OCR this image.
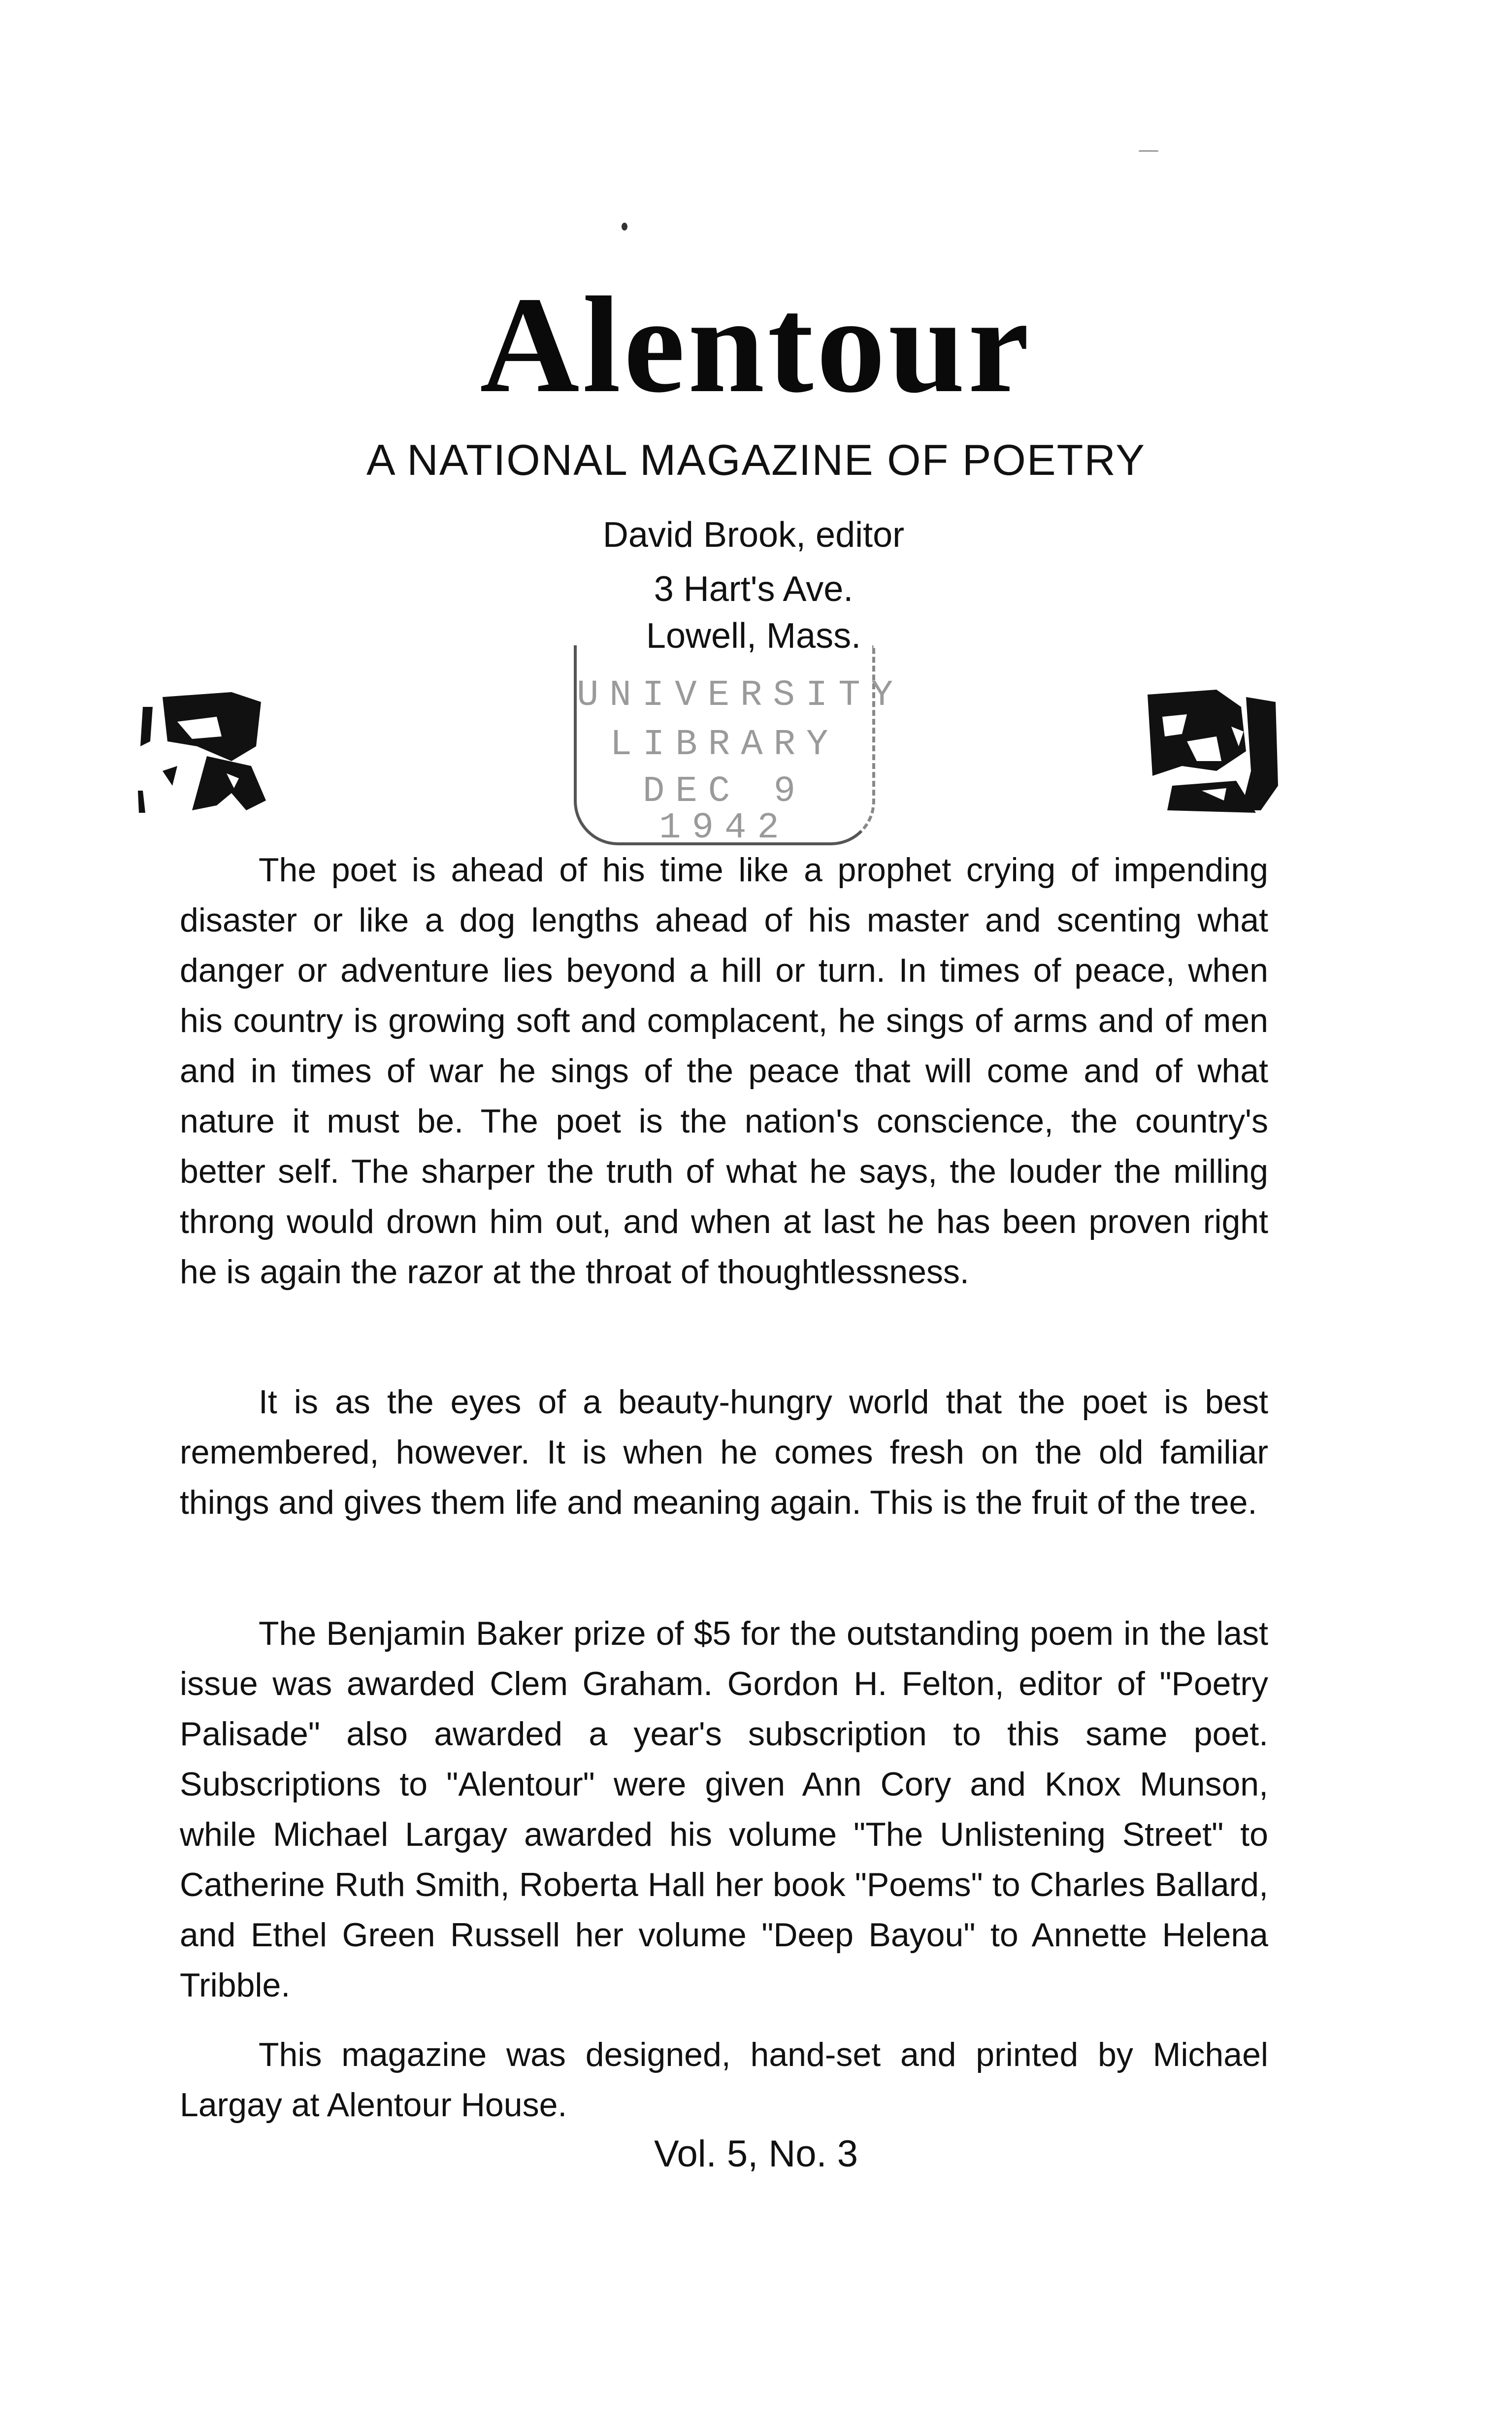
Alentour
A NATIONAL MAGAZINE OF POETRY
David Brook, editor
3 Hart's Ave.
Lowell, Mass.
UNIVERSITY
LIBRARY
DEC 9 1942

The poet is ahead of his time like a prophet crying of impending disaster or like a dog lengths ahead of his master and scenting what danger or adventure lies beyond a hill or turn. In times of peace, when his country is growing soft and complacent, he sings of arms and of men and in times of war he sings of the peace that will come and of what nature it must be. The poet is the nation's conscience, the country's better self. The sharper the truth of what he says, the louder the milling throng would drown him out, and when at last he has been proven right he is again the razor at the throat of thoughtlessness.

It is as the eyes of a beauty-hungry world that the poet is best remembered, however. It is when he comes fresh on the old familiar things and gives them life and meaning again. This is the fruit of the tree.

The Benjamin Baker prize of $5 for the outstanding poem in the last issue was awarded Clem Graham. Gordon H. Felton, editor of "Poetry Palisade" also awarded a year's subscription to this same poet. Subscriptions to "Alentour" were given Ann Cory and Knox Munson, while Michael Largay awarded his volume "The Unlistening Street" to Catherine Ruth Smith, Roberta Hall her book "Poems" to Charles Ballard, and Ethel Green Russell her volume "Deep Bayou" to Annette Helena Tribble.

This magazine was designed, hand-set and printed by Michael Largay at Alentour House.

Vol. 5, No. 3
